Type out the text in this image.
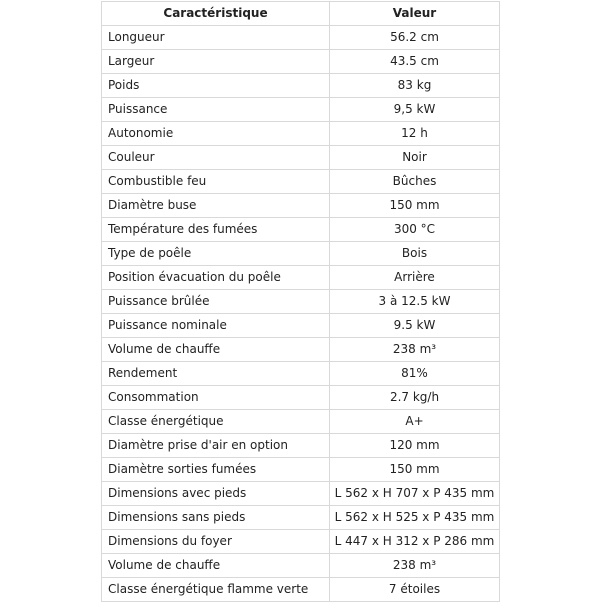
Caractéristique	Valeur
Longueur	56.2 cm
Largeur	43.5 cm
Poids	83 kg
Puissance	9,5 kW
Autonomie	12 h
Couleur	Noir
Combustible feu	Bûches
Diamètre buse	150 mm
Température des fumées	300 °C
Type de poêle	Bois
Position évacuation du poêle	Arrière
Puissance brûlée	3 à 12.5 kW
Puissance nominale	9.5 kW
Volume de chauffe	238 m³
Rendement	81%
Consommation	2.7 kg/h
Classe énergétique	A+
Diamètre prise d'air en option	120 mm
Diamètre sorties fumées	150 mm
Dimensions avec pieds	L 562 x H 707 x P 435 mm
Dimensions sans pieds	L 562 x H 525 x P 435 mm
Dimensions du foyer	L 447 x H 312 x P 286 mm
Volume de chauffe	238 m³
Classe énergétique flamme verte	7 étoiles
